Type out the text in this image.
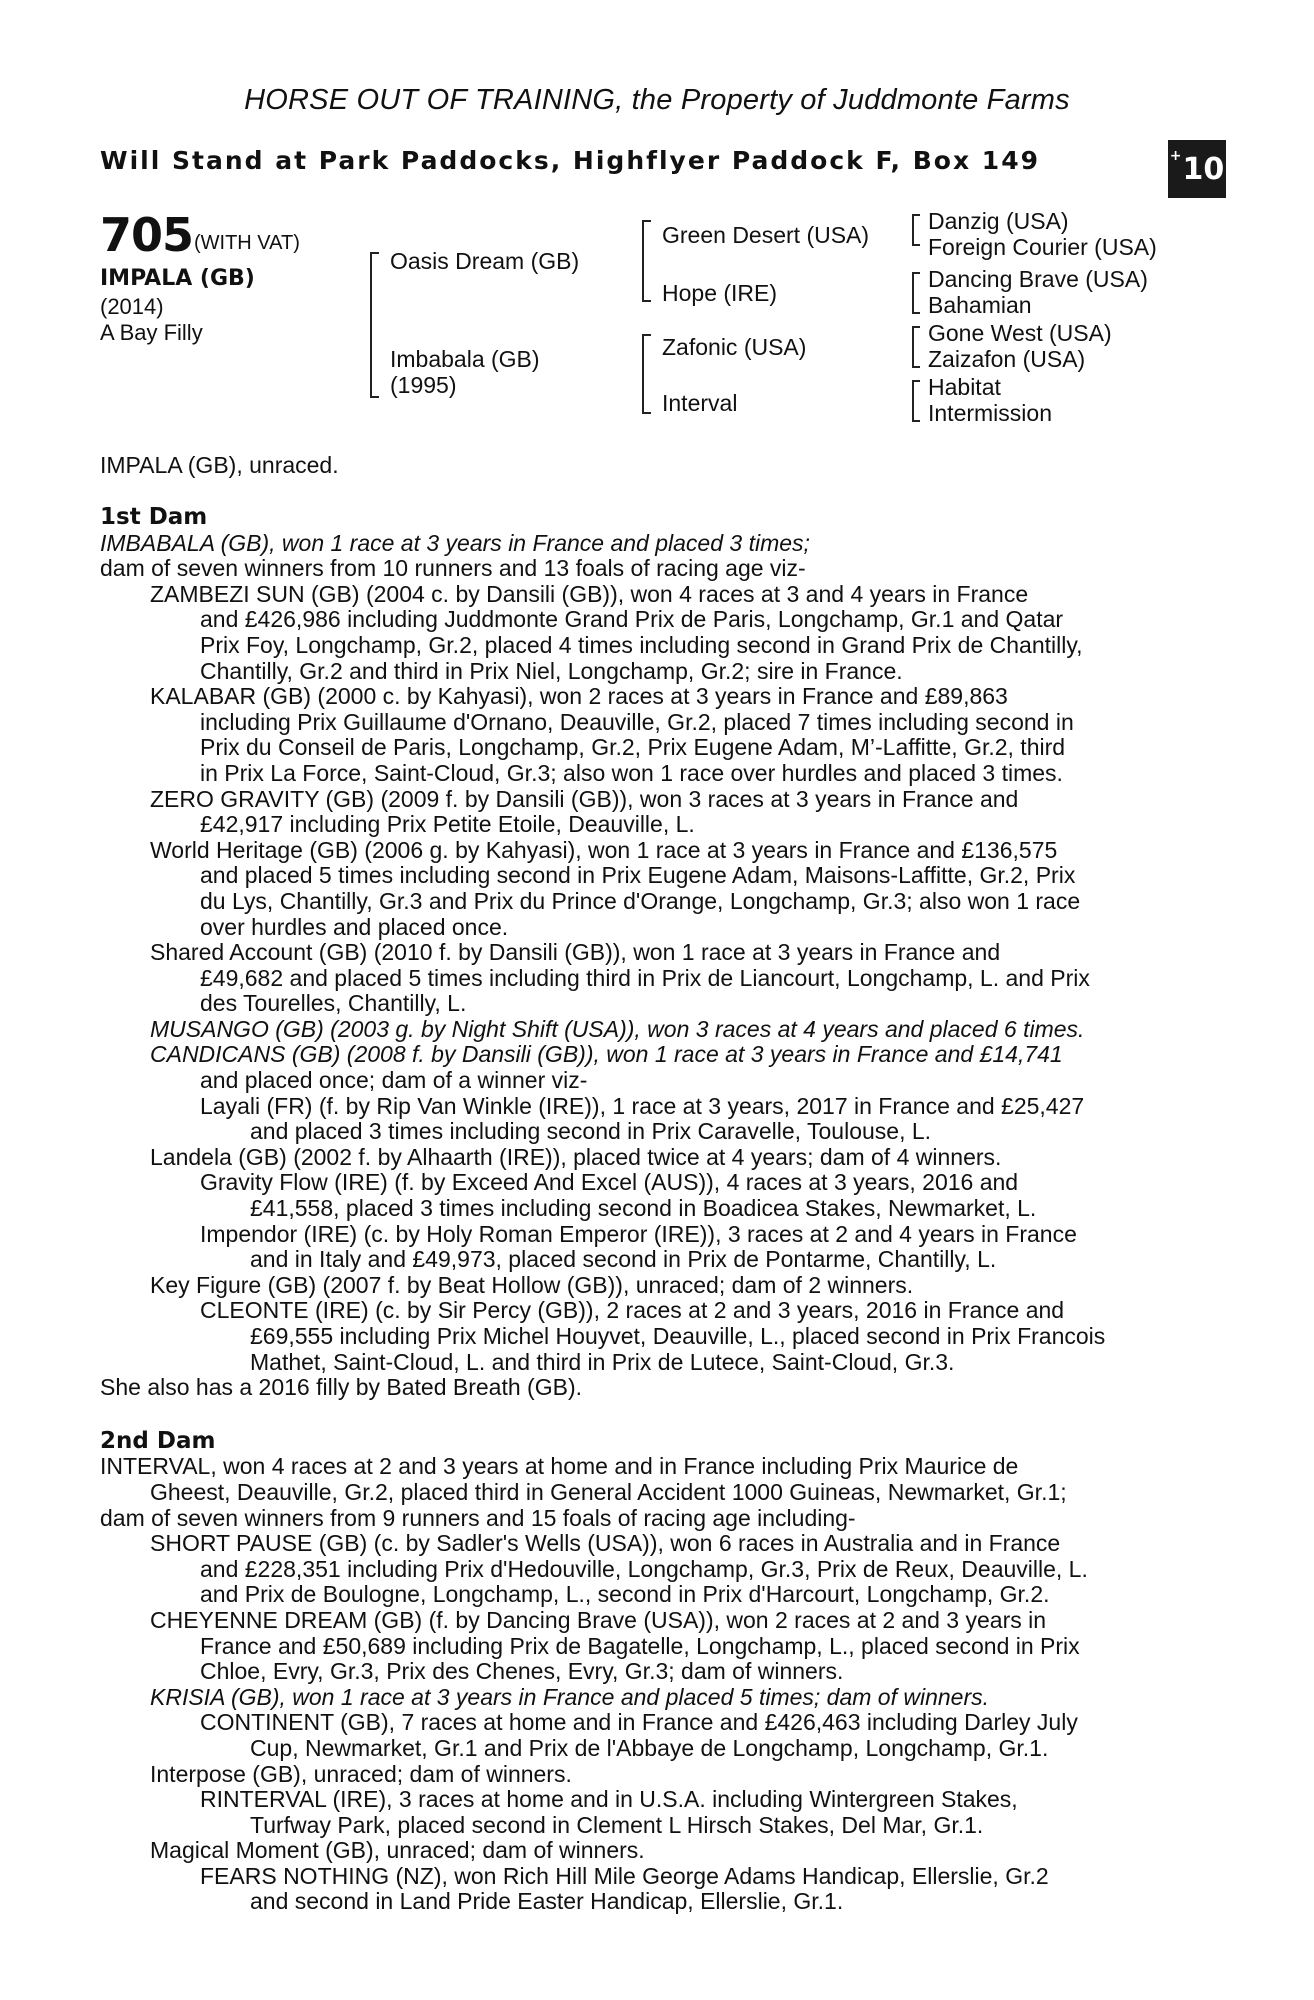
HORSE OUT OF TRAINING, the Property of Juddmonte Farms
Will Stand at Park Paddocks, Highflyer Paddock F, Box 149	+ 10
705 (WITH VAT)
IMPALA (GB)
(2014)
A Bay Filly
Oasis Dream (GB)
Imbabala (GB)
(1995)
Green Desert (USA)
Hope (IRE)
Zafonic (USA)
Interval
Danzig (USA)
Foreign Courier (USA)
Dancing Brave (USA)
Bahamian
Gone West (USA)
Zaizafon (USA)
Habitat
Intermission
IMPALA (GB), unraced.
1st Dam
IMBABALA (GB), won 1 race at 3 years in France and placed 3 times;
dam of seven winners from 10 runners and 13 foals of racing age viz-
ZAMBEZI SUN (GB) (2004 c. by Dansili (GB)), won 4 races at 3 and 4 years in France
and £426,986 including Juddmonte Grand Prix de Paris, Longchamp, Gr.1 and Qatar
Prix Foy, Longchamp, Gr.2, placed 4 times including second in Grand Prix de Chantilly,
Chantilly, Gr.2 and third in Prix Niel, Longchamp, Gr.2; sire in France.
KALABAR (GB) (2000 c. by Kahyasi), won 2 races at 3 years in France and £89,863
including Prix Guillaume d'Ornano, Deauville, Gr.2, placed 7 times including second in
Prix du Conseil de Paris, Longchamp, Gr.2, Prix Eugene Adam, M’-Laffitte, Gr.2, third
in Prix La Force, Saint-Cloud, Gr.3; also won 1 race over hurdles and placed 3 times.
ZERO GRAVITY (GB) (2009 f. by Dansili (GB)), won 3 races at 3 years in France and
£42,917 including Prix Petite Etoile, Deauville, L.
World Heritage (GB) (2006 g. by Kahyasi), won 1 race at 3 years in France and £136,575
and placed 5 times including second in Prix Eugene Adam, Maisons-Laffitte, Gr.2, Prix
du Lys, Chantilly, Gr.3 and Prix du Prince d'Orange, Longchamp, Gr.3; also won 1 race
over hurdles and placed once.
Shared Account (GB) (2010 f. by Dansili (GB)), won 1 race at 3 years in France and
£49,682 and placed 5 times including third in Prix de Liancourt, Longchamp, L. and Prix
des Tourelles, Chantilly, L.
MUSANGO (GB) (2003 g. by Night Shift (USA)), won 3 races at 4 years and placed 6 times.
CANDICANS (GB) (2008 f. by Dansili (GB)), won 1 race at 3 years in France and £14,741
and placed once; dam of a winner viz-
Layali (FR) (f. by Rip Van Winkle (IRE)), 1 race at 3 years, 2017 in France and £25,427
and placed 3 times including second in Prix Caravelle, Toulouse, L.
Landela (GB) (2002 f. by Alhaarth (IRE)), placed twice at 4 years; dam of 4 winners.
Gravity Flow (IRE) (f. by Exceed And Excel (AUS)), 4 races at 3 years, 2016 and
£41,558, placed 3 times including second in Boadicea Stakes, Newmarket, L.
Impendor (IRE) (c. by Holy Roman Emperor (IRE)), 3 races at 2 and 4 years in France
and in Italy and £49,973, placed second in Prix de Pontarme, Chantilly, L.
Key Figure (GB) (2007 f. by Beat Hollow (GB)), unraced; dam of 2 winners.
CLEONTE (IRE) (c. by Sir Percy (GB)), 2 races at 2 and 3 years, 2016 in France and
£69,555 including Prix Michel Houyvet, Deauville, L., placed second in Prix Francois
Mathet, Saint-Cloud, L. and third in Prix de Lutece, Saint-Cloud, Gr.3.
She also has a 2016 filly by Bated Breath (GB).
2nd Dam
INTERVAL, won 4 races at 2 and 3 years at home and in France including Prix Maurice de
Gheest, Deauville, Gr.2, placed third in General Accident 1000 Guineas, Newmarket, Gr.1;
dam of seven winners from 9 runners and 15 foals of racing age including-
SHORT PAUSE (GB) (c. by Sadler's Wells (USA)), won 6 races in Australia and in France
and £228,351 including Prix d'Hedouville, Longchamp, Gr.3, Prix de Reux, Deauville, L.
and Prix de Boulogne, Longchamp, L., second in Prix d'Harcourt, Longchamp, Gr.2.
CHEYENNE DREAM (GB) (f. by Dancing Brave (USA)), won 2 races at 2 and 3 years in
France and £50,689 including Prix de Bagatelle, Longchamp, L., placed second in Prix
Chloe, Evry, Gr.3, Prix des Chenes, Evry, Gr.3; dam of winners.
KRISIA (GB), won 1 race at 3 years in France and placed 5 times; dam of winners.
CONTINENT (GB), 7 races at home and in France and £426,463 including Darley July
Cup, Newmarket, Gr.1 and Prix de l'Abbaye de Longchamp, Longchamp, Gr.1.
Interpose (GB), unraced; dam of winners.
RINTERVAL (IRE), 3 races at home and in U.S.A. including Wintergreen Stakes,
Turfway Park, placed second in Clement L Hirsch Stakes, Del Mar, Gr.1.
Magical Moment (GB), unraced; dam of winners.
FEARS NOTHING (NZ), won Rich Hill Mile George Adams Handicap, Ellerslie, Gr.2
and second in Land Pride Easter Handicap, Ellerslie, Gr.1.
